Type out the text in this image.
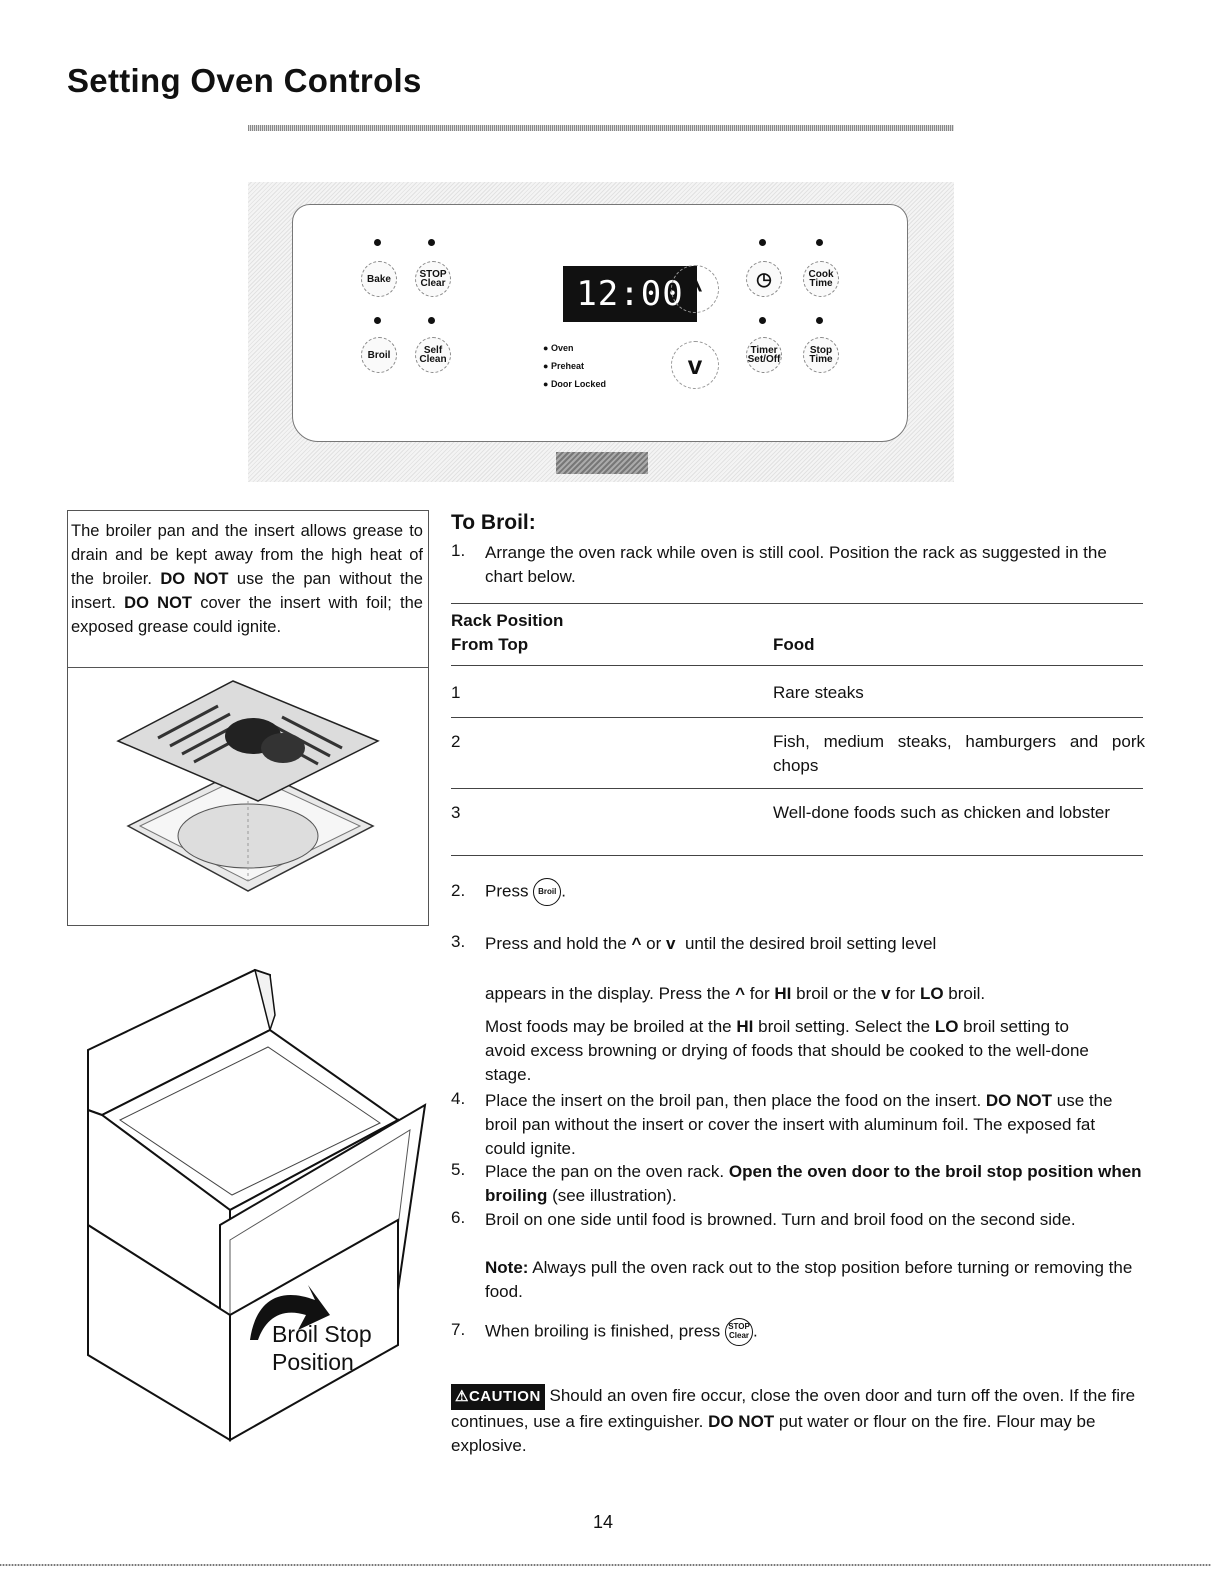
Setting Oven Controls
Bake	STOP Clear
Broil	Self Clean
12:00
● Oven
● Preheat
● Door Locked
^
v
◷	Cook Time
Timer Set/Off
Stop Time
The broiler pan and the insert allows grease to drain and be kept away from the high heat of the broiler. DO NOT use the pan without the insert. DO NOT cover the insert with foil; the exposed grease could ignite.
Broil Stop
Position
To Broil:
1. Arrange the oven rack while oven is still cool. Position the rack as suggested in the chart below.
Rack Position
From Top	Food
1	Rare steaks
2	Fish, medium steaks, hamburgers and pork chops
3	Well-done foods such as chicken and lobster
2. Press Broil .
3. Press and hold the ^ or v until the desired broil setting level
appears in the display. Press the ^ for HI broil or the v for LO broil.
Most foods may be broiled at the HI broil setting. Select the LO broil setting to avoid excess browning or drying of foods that should be cooked to the well-done stage.
4. Place the insert on the broil pan, then place the food on the insert. DO NOT use the broil pan without the insert or cover the insert with aluminum foil. The exposed fat could ignite.
5. Place the pan on the oven rack. Open the oven door to the broil stop position when broiling (see illustration).
6. Broil on one side until food is browned. Turn and broil food on the second side.
Note: Always pull the oven rack out to the stop position before turning or removing the food.
7. When broiling is finished, press STOP
Clear .
⚠CAUTION Should an oven fire occur, close the oven door and turn off the oven. If the fire continues, use a fire extinguisher. DO NOT put water or flour on the fire. Flour may be explosive.
14
